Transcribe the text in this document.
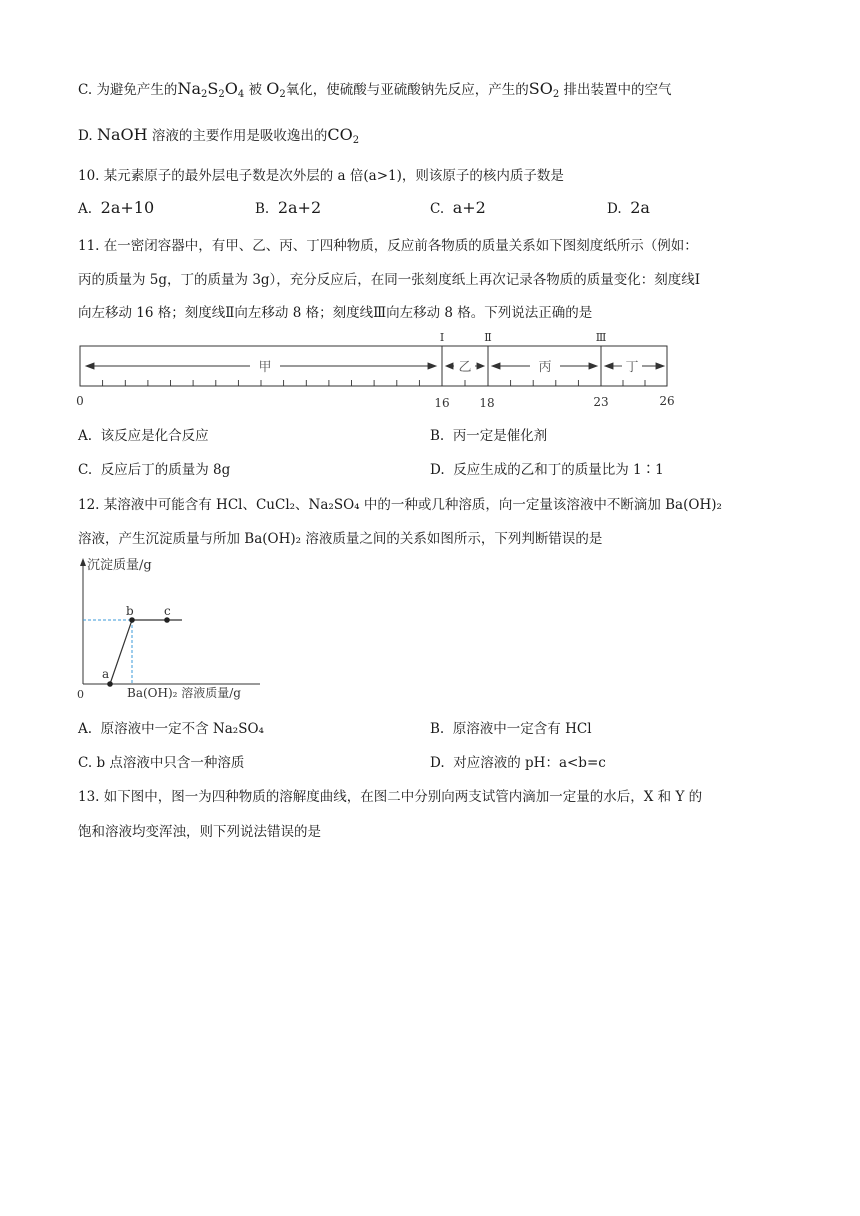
C. 为避免产生的$Na_2S_2O_4$ 被 $O_2$氧化，使硫酸与亚硫酸钠先反应，产生的$SO_2$ 排出装置中的空气
D. NaOH 溶液的主要作用是吸收逸出的$CO_2$
10. 某元素原子的最外层电子数是次外层的 a 倍(a>1)，则该原子的核内质子数是
A. 2a+10	B. 2a+2	C. a+2	D. 2a
11. 在一密闭容器中，有甲、乙、丙、丁四种物质，反应前各物质的质量关系如下图刻度纸所示（例如：
丙的质量为 5g，丁的质量为 3g），充分反应后，在同一张刻度纸上再次记录各物质的质量变化：刻度线Ⅰ
向左移动 16 格；刻度线Ⅱ向左移动 8 格；刻度线Ⅲ向左移动 8 格。下列说法正确的是
Ⅰ	Ⅱ	Ⅲ
甲	乙	丙	丁
0	16 18	23	26
A. 该反应是化合反应	B. 丙一定是催化剂
C. 反应后丁的质量为 8g	D. 反应生成的乙和丁的质量比为 1∶1
12. 某溶液中可能含有 HCl、CuCl₂、Na₂SO₄ 中的一种或几种溶质，向一定量该溶液中不断滴加 Ba(OH)₂
溶液，产生沉淀质量与所加 Ba(OH)₂ 溶液质量之间的关系如图所示，下列判断错误的是
沉淀质量/g
0	Ba(OH)₂ 溶液质量/g
a
b	c
A. 原溶液中一定不含 Na₂SO₄	B. 原溶液中一定含有 HCl
C. b 点溶液中只含一种溶质	D. 对应溶液的 pH：a<b=c
13. 如下图中，图一为四种物质的溶解度曲线，在图二中分别向两支试管内滴加一定量的水后，X 和 Y 的
饱和溶液均变浑浊，则下列说法错误的是
